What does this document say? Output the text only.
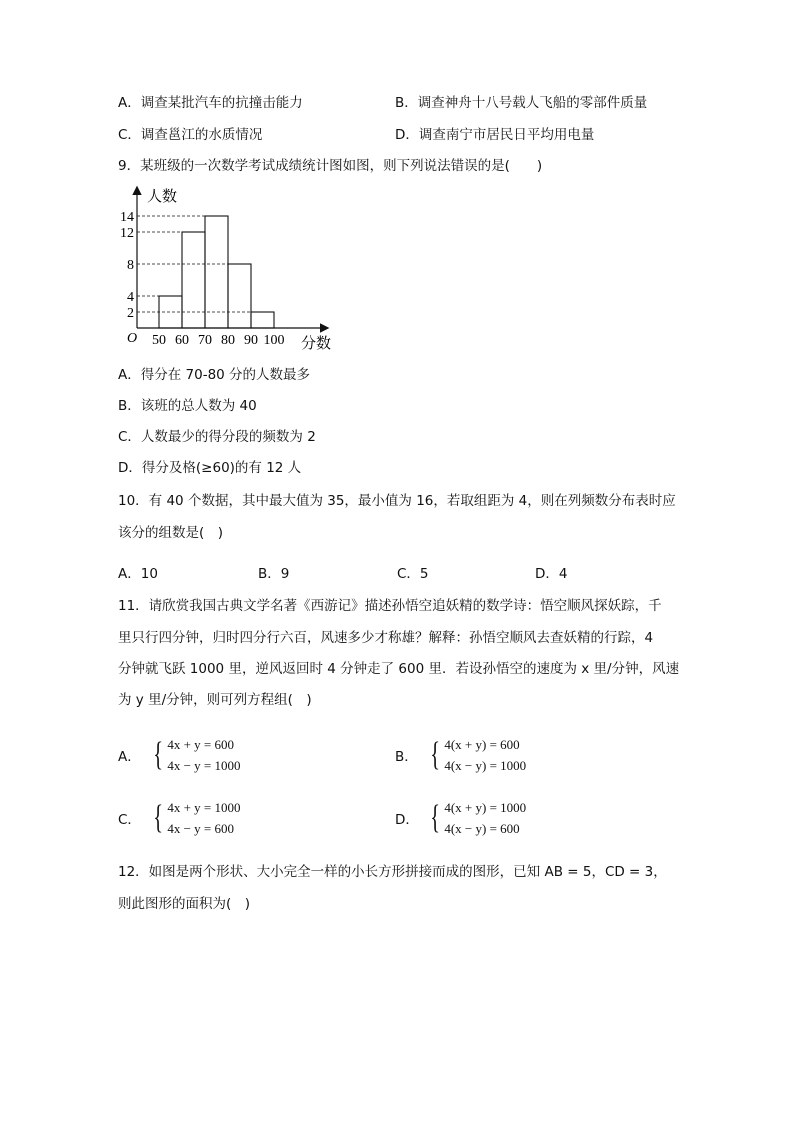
A．调查某批汽车的抗撞击能力	B．调查神舟十八号载人飞船的零部件质量
C．调查邕江的水质情况	D．调查南宁市居民日平均用电量
9．某班级的一次数学考试成绩统计图如图，则下列说法错误的是(　　)
2
4
8
12
14
50 60 70 80 90 100
O
人数
分数
A．得分在 70-80 分的人数最多
B．该班的总人数为 40
C．人数最少的得分段的频数为 2
D．得分及格(≥60)的有 12 人
10．有 40 个数据，其中最大值为 35，最小值为 16，若取组距为 4，则在列频数分布表时应
该分的组数是(　)
A．10	B．9	C．5	D．4
11．请欣赏我国古典文学名著《西游记》描述孙悟空追妖精的数学诗：悟空顺风探妖踪，千
里只行四分钟，归时四分行六百，风速多少才称雄？解释：孙悟空顺风去查妖精的行踪，4
分钟就飞跃 1000 里，逆风返回时 4 分钟走了 600 里．若设孙悟空的速度为 x 里/分钟，风速
为 y 里/分钟，则可列方程组(　)
A． { 4x + y = 600
4x − y = 1000
B． { 4(x + y) = 600
4(x − y) = 1000
C． { 4x + y = 1000
4x − y = 600
D． { 4(x + y) = 1000
4(x − y) = 600
12．如图是两个形状、大小完全一样的小长方形拼接而成的图形，已知 AB = 5，CD = 3，
则此图形的面积为(　)
